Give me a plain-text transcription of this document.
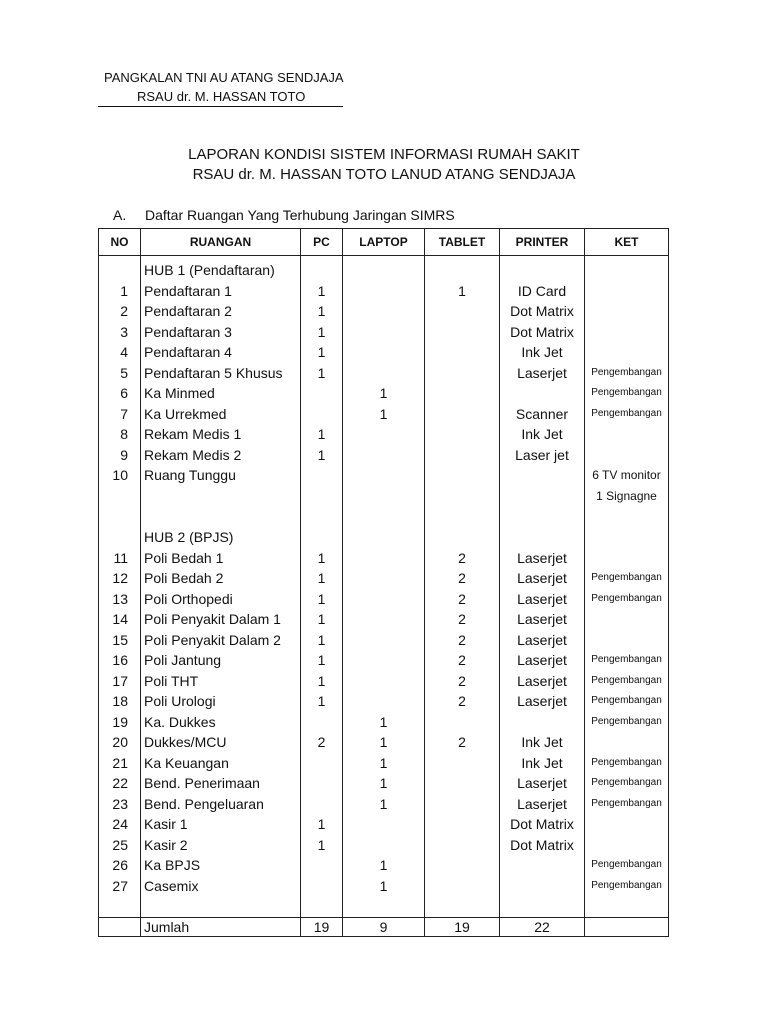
PANGKALAN TNI AU ATANG SENDJAJA
RSAU dr. M. HASSAN TOTO
LAPORAN KONDISI SISTEM INFORMASI RUMAH SAKIT
RSAU dr. M. HASSAN TOTO LANUD ATANG SENDJAJA
A. Daftar Ruangan Yang Terhubung Jaringan SIMRS
NO	RUANGAN	PC	LAPTOP	TABLET	PRINTER	KET
	HUB 1 (Pendaftaran)					
1	Pendaftaran 1	1		1	ID Card	
2	Pendaftaran 2	1			Dot Matrix	
3	Pendaftaran 3	1			Dot Matrix	
4	Pendaftaran 4	1			Ink Jet	
5	Pendaftaran 5 Khusus	1			Laserjet	Pengembangan
6	Ka Minmed		1			Pengembangan
7	Ka Urrekmed		1		Scanner	Pengembangan
8	Rekam Medis 1	1			Ink Jet	
9	Rekam Medis 2	1			Laser jet	
10	Ruang Tunggu					6 TV monitor
						1 Signagne

	HUB 2 (BPJS)					
11	Poli Bedah 1	1		2	Laserjet	
12	Poli Bedah 2	1		2	Laserjet	Pengembangan
13	Poli Orthopedi	1		2	Laserjet	Pengembangan
14	Poli Penyakit Dalam 1	1		2	Laserjet	
15	Poli Penyakit Dalam 2	1		2	Laserjet	
16	Poli Jantung	1		2	Laserjet	Pengembangan
17	Poli THT	1		2	Laserjet	Pengembangan
18	Poli Urologi	1		2	Laserjet	Pengembangan
19	Ka. Dukkes		1			Pengembangan
20	Dukkes/MCU	2	1	2	Ink Jet	
21	Ka Keuangan		1		Ink Jet	Pengembangan
22	Bend. Penerimaan		1		Laserjet	Pengembangan
23	Bend. Pengeluaran		1		Laserjet	Pengembangan
24	Kasir 1	1			Dot Matrix	
25	Kasir 2	1			Dot Matrix	
26	Ka BPJS		1			Pengembangan
27	Casemix		1			Pengembangan

	Jumlah	19	9	19	22	
